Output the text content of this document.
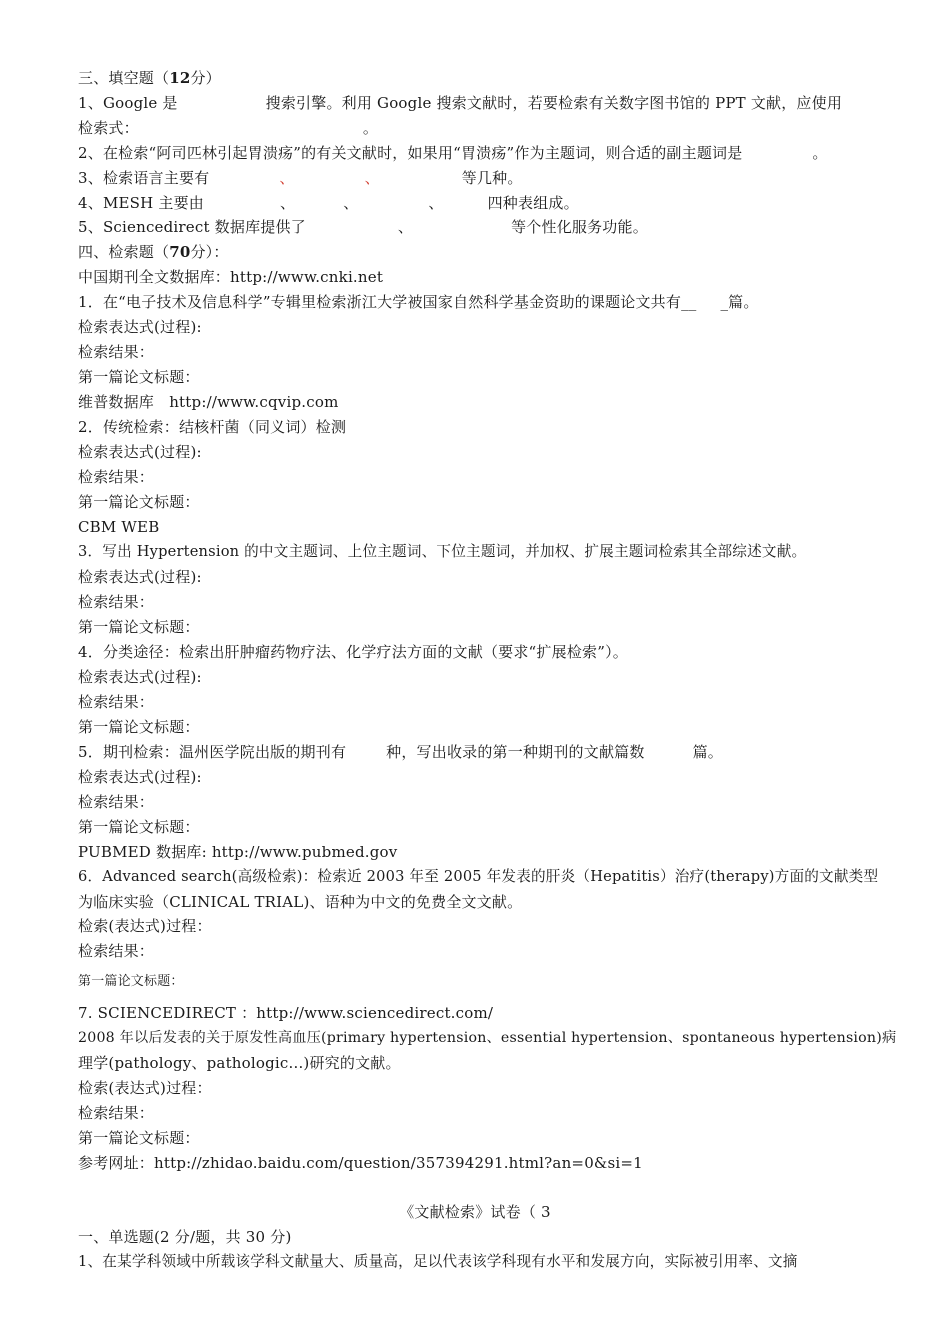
三、填空题（12分）
1、Google 是	搜索引擎。利用 Google 搜索文献时，若要检索有关数字图书馆的 PPT 文献，应使用
检索式：	。
2、在检索“阿司匹林引起胃溃疡”的有关文献时，如果用“胃溃疡”作为主题词，则合适的副主题词是	。
3、检索语言主要有	、	、	等几种。
4、MESH 主要由	、	、	、	四种表组成。
5、Sciencedirect 数据库提供了	、	等个性化服务功能。
四、检索题（70分）：
中国期刊全文数据库：http://www.cnki.net
1．在“电子技术及信息科学”专辑里检索浙江大学被国家自然科学基金资助的课题论文共有__ _篇。
检索表达式(过程):
检索结果：
第一篇论文标题：
维普数据库　http://www.cqvip.com
2．传统检索：结核杆菌（同义词）检测
检索表达式(过程):
检索结果：
第一篇论文标题：
CBM WEB
3．写出 Hypertension 的中文主题词、上位主题词、下位主题词，并加权、扩展主题词检索其全部综述文献。
检索表达式(过程):
检索结果：
第一篇论文标题：
4．分类途径：检索出肝肿瘤药物疗法、化学疗法方面的文献（要求“扩展检索”）。
检索表达式(过程):
检索结果：
第一篇论文标题：
5．期刊检索：温州医学院出版的期刊有	种，写出收录的第一种期刊的文献篇数	篇。
检索表达式(过程):
检索结果：
第一篇论文标题：
PUBMED 数据库: http://www.pubmed.gov
6．Advanced search(高级检索)：检索近 2003 年至 2005 年发表的肝炎（Hepatitis）治疗(therapy)方面的文献类型
为临床实验（CLINICAL TRIAL)、语种为中文的免费全文文献。
检索(表达式)过程：
检索结果：
第一篇论文标题：
7. SCIENCEDIRECT ：http://www.sciencedirect.com/
2008 年以后发表的关于原发性高血压(primary hypertension、essential hypertension、spontaneous hypertension)病
理学(pathology、pathologic...)研究的文献。
检索(表达式)过程：
检索结果：
第一篇论文标题：
参考网址：http://zhidao.baidu.com/question/357394291.html?an=0&si=1
《文献检索》试卷（ 3
一、单选题(2 分/题，共 30 分)
1、在某学科领域中所载该学科文献量大、质量高，足以代表该学科现有水平和发展方向，实际被引用率、文摘
